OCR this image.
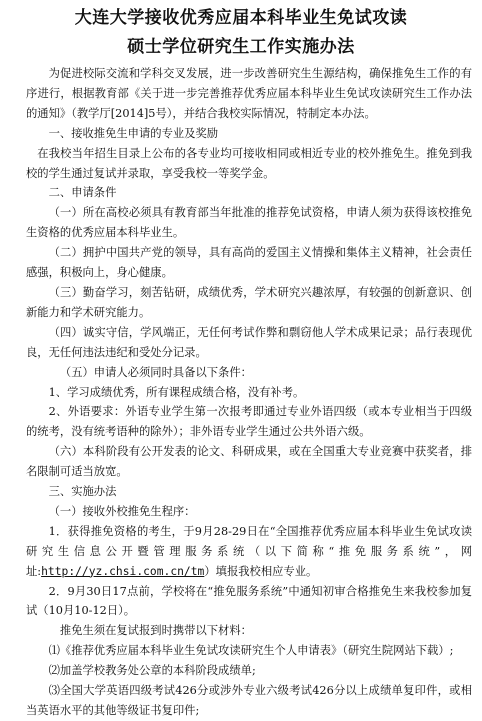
大连大学接收优秀应届本科毕业生免试攻读

硕士学位研究生工作实施办法

为促进校际交流和学科交叉发展，进一步改善研究生生源结构，确保推免生工作的有序进行，根据教育部《关于进一步完善推荐优秀应届本科毕业生免试攻读研究生工作办法的通知》（教学厅[2014]5号），并结合我校实际情况，特制定本办法。

一、接收推免生申请的专业及奖励

在我校当年招生目录上公布的各专业均可接收相同或相近专业的校外推免生。推免到我校的学生通过复试并录取，享受我校一等奖学金。

二、申请条件

（一）所在高校必须具有教育部当年批准的推荐免试资格，申请人须为获得该校推免生资格的优秀应届本科毕业生。

（二）拥护中国共产党的领导，具有高尚的爱国主义情操和集体主义精神，社会责任感强，积极向上，身心健康。

（三）勤奋学习，刻苦钻研，成绩优秀，学术研究兴趣浓厚，有较强的创新意识、创新能力和学术研究能力。

（四）诚实守信，学风端正，无任何考试作弊和剽窃他人学术成果记录；品行表现优良，无任何违法违纪和受处分记录。

（五）申请人必须同时具备以下条件：

1、学习成绩优秀，所有课程成绩合格，没有补考。

2、外语要求：外语专业学生第一次报考即通过专业外语四级（或本专业相当于四级的统考，没有统考语种的除外）；非外语专业学生通过公共外语六级。

（六）本科阶段有公开发表的论文、科研成果，或在全国重大专业竞赛中获奖者，排名限制可适当放宽。

三、实施办法

（一）接收外校推免生程序：

1．获得推免资格的考生，于9月28-29日在“全国推荐优秀应届本科毕业生免试攻读研究生信息公开暨管理服务系统（以下简称“推免服务系统”，网址:http://yz.chsi.com.cn/tm）填报我校相应专业。

2．9月30日17点前，学校将在“推免服务系统”中通知初审合格推免生来我校参加复试（10月10-12日）。

推免生须在复试报到时携带以下材料：

⑴《推荐优秀应届本科毕业生免试攻读研究生个人申请表》（研究生院网站下载）;

⑵加盖学校教务处公章的本科阶段成绩单;

⑶全国大学英语四级考试426分或涉外专业六级考试426分以上成绩单复印件，或相当英语水平的其他等级证书复印件;
